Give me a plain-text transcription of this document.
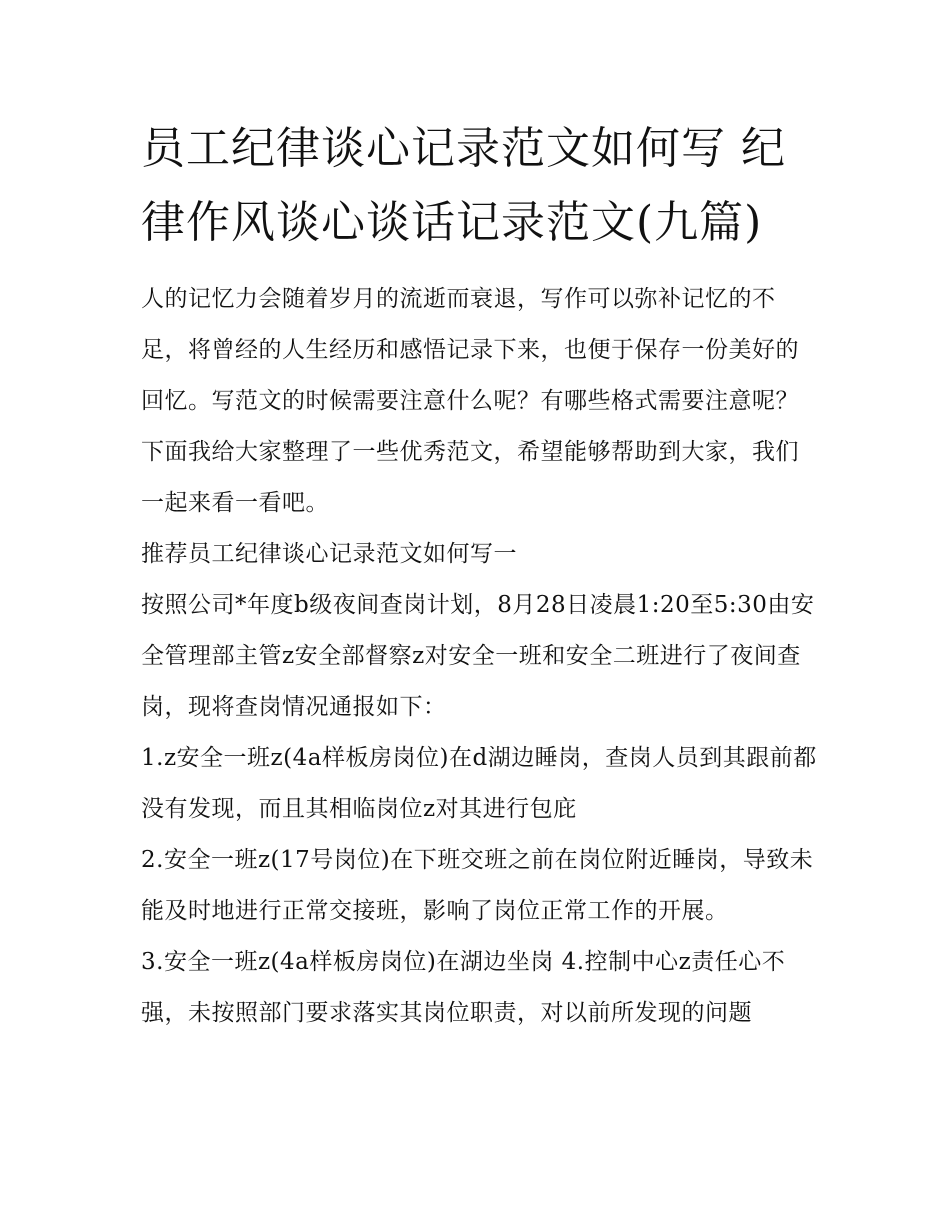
员工纪律谈心记录范文如何写 纪律作风谈心谈话记录范文(九篇)

人的记忆力会随着岁月的流逝而衰退，写作可以弥补记忆的不足，将曾经的人生经历和感悟记录下来，也便于保存一份美好的回忆。写范文的时候需要注意什么呢？有哪些格式需要注意呢？下面我给大家整理了一些优秀范文，希望能够帮助到大家，我们一起来看一看吧。

推荐员工纪律谈心记录范文如何写一

按照公司*年度b级夜间查岗计划，8月28日凌晨1:20至5:30由安全管理部主管z安全部督察z对安全一班和安全二班进行了夜间查岗，现将查岗情况通报如下：

1.z安全一班z(4a样板房岗位)在d湖边睡岗，查岗人员到其跟前都没有发现，而且其相临岗位z对其进行包庇

2.安全一班z(17号岗位)在下班交班之前在岗位附近睡岗，导致未能及时地进行正常交接班，影响了岗位正常工作的开展。

3.安全一班z(4a样板房岗位)在湖边坐岗 4.控制中心z责任心不强，未按照部门要求落实其岗位职责，对以前所发现的问题
